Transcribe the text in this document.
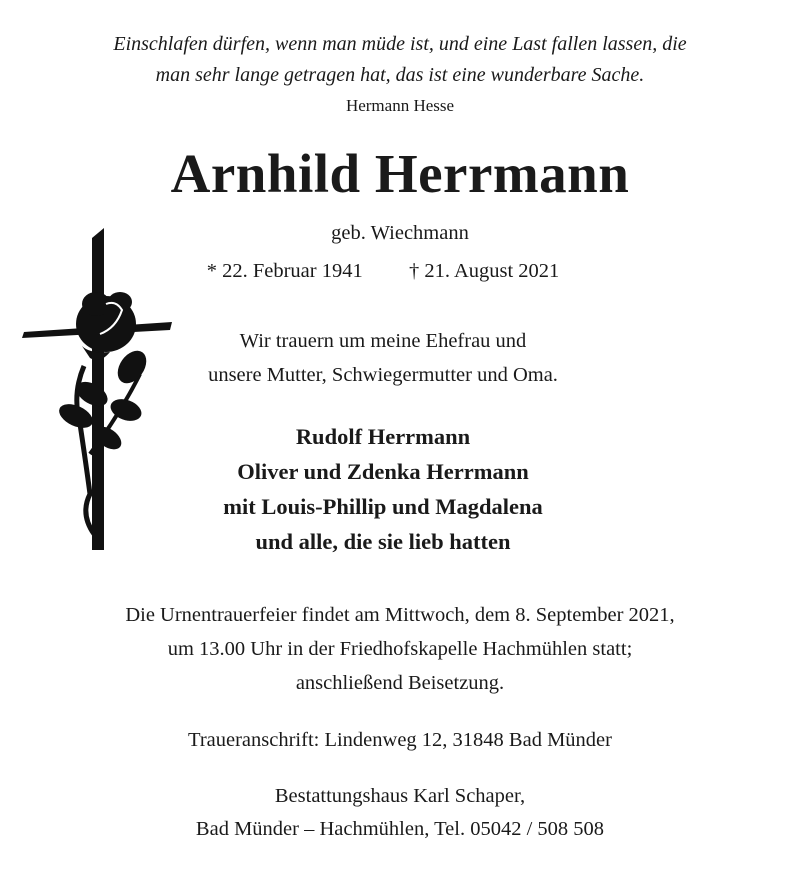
Einschlafen dürfen, wenn man müde ist, und eine Last fallen lassen, die
man sehr lange getragen hat, das ist eine wunderbare Sache.
Hermann Hesse
Arnhild Herrmann
geb. Wiechmann
* 22. Februar 1941 † 21. August 2021
Wir trauern um meine Ehefrau und
unsere Mutter, Schwiegermutter und Oma.
Rudolf Herrmann
Oliver und Zdenka Herrmann
mit Louis-Phillip und Magdalena
und alle, die sie lieb hatten
Die Urnentrauerfeier findet am Mittwoch, dem 8. September 2021,
um 13.00 Uhr in der Friedhofskapelle Hachmühlen statt;
anschließend Beisetzung.
Traueranschrift: Lindenweg 12, 31848 Bad Münder
Bestattungshaus Karl Schaper,
Bad Münder – Hachmühlen, Tel. 05042 / 508 508
